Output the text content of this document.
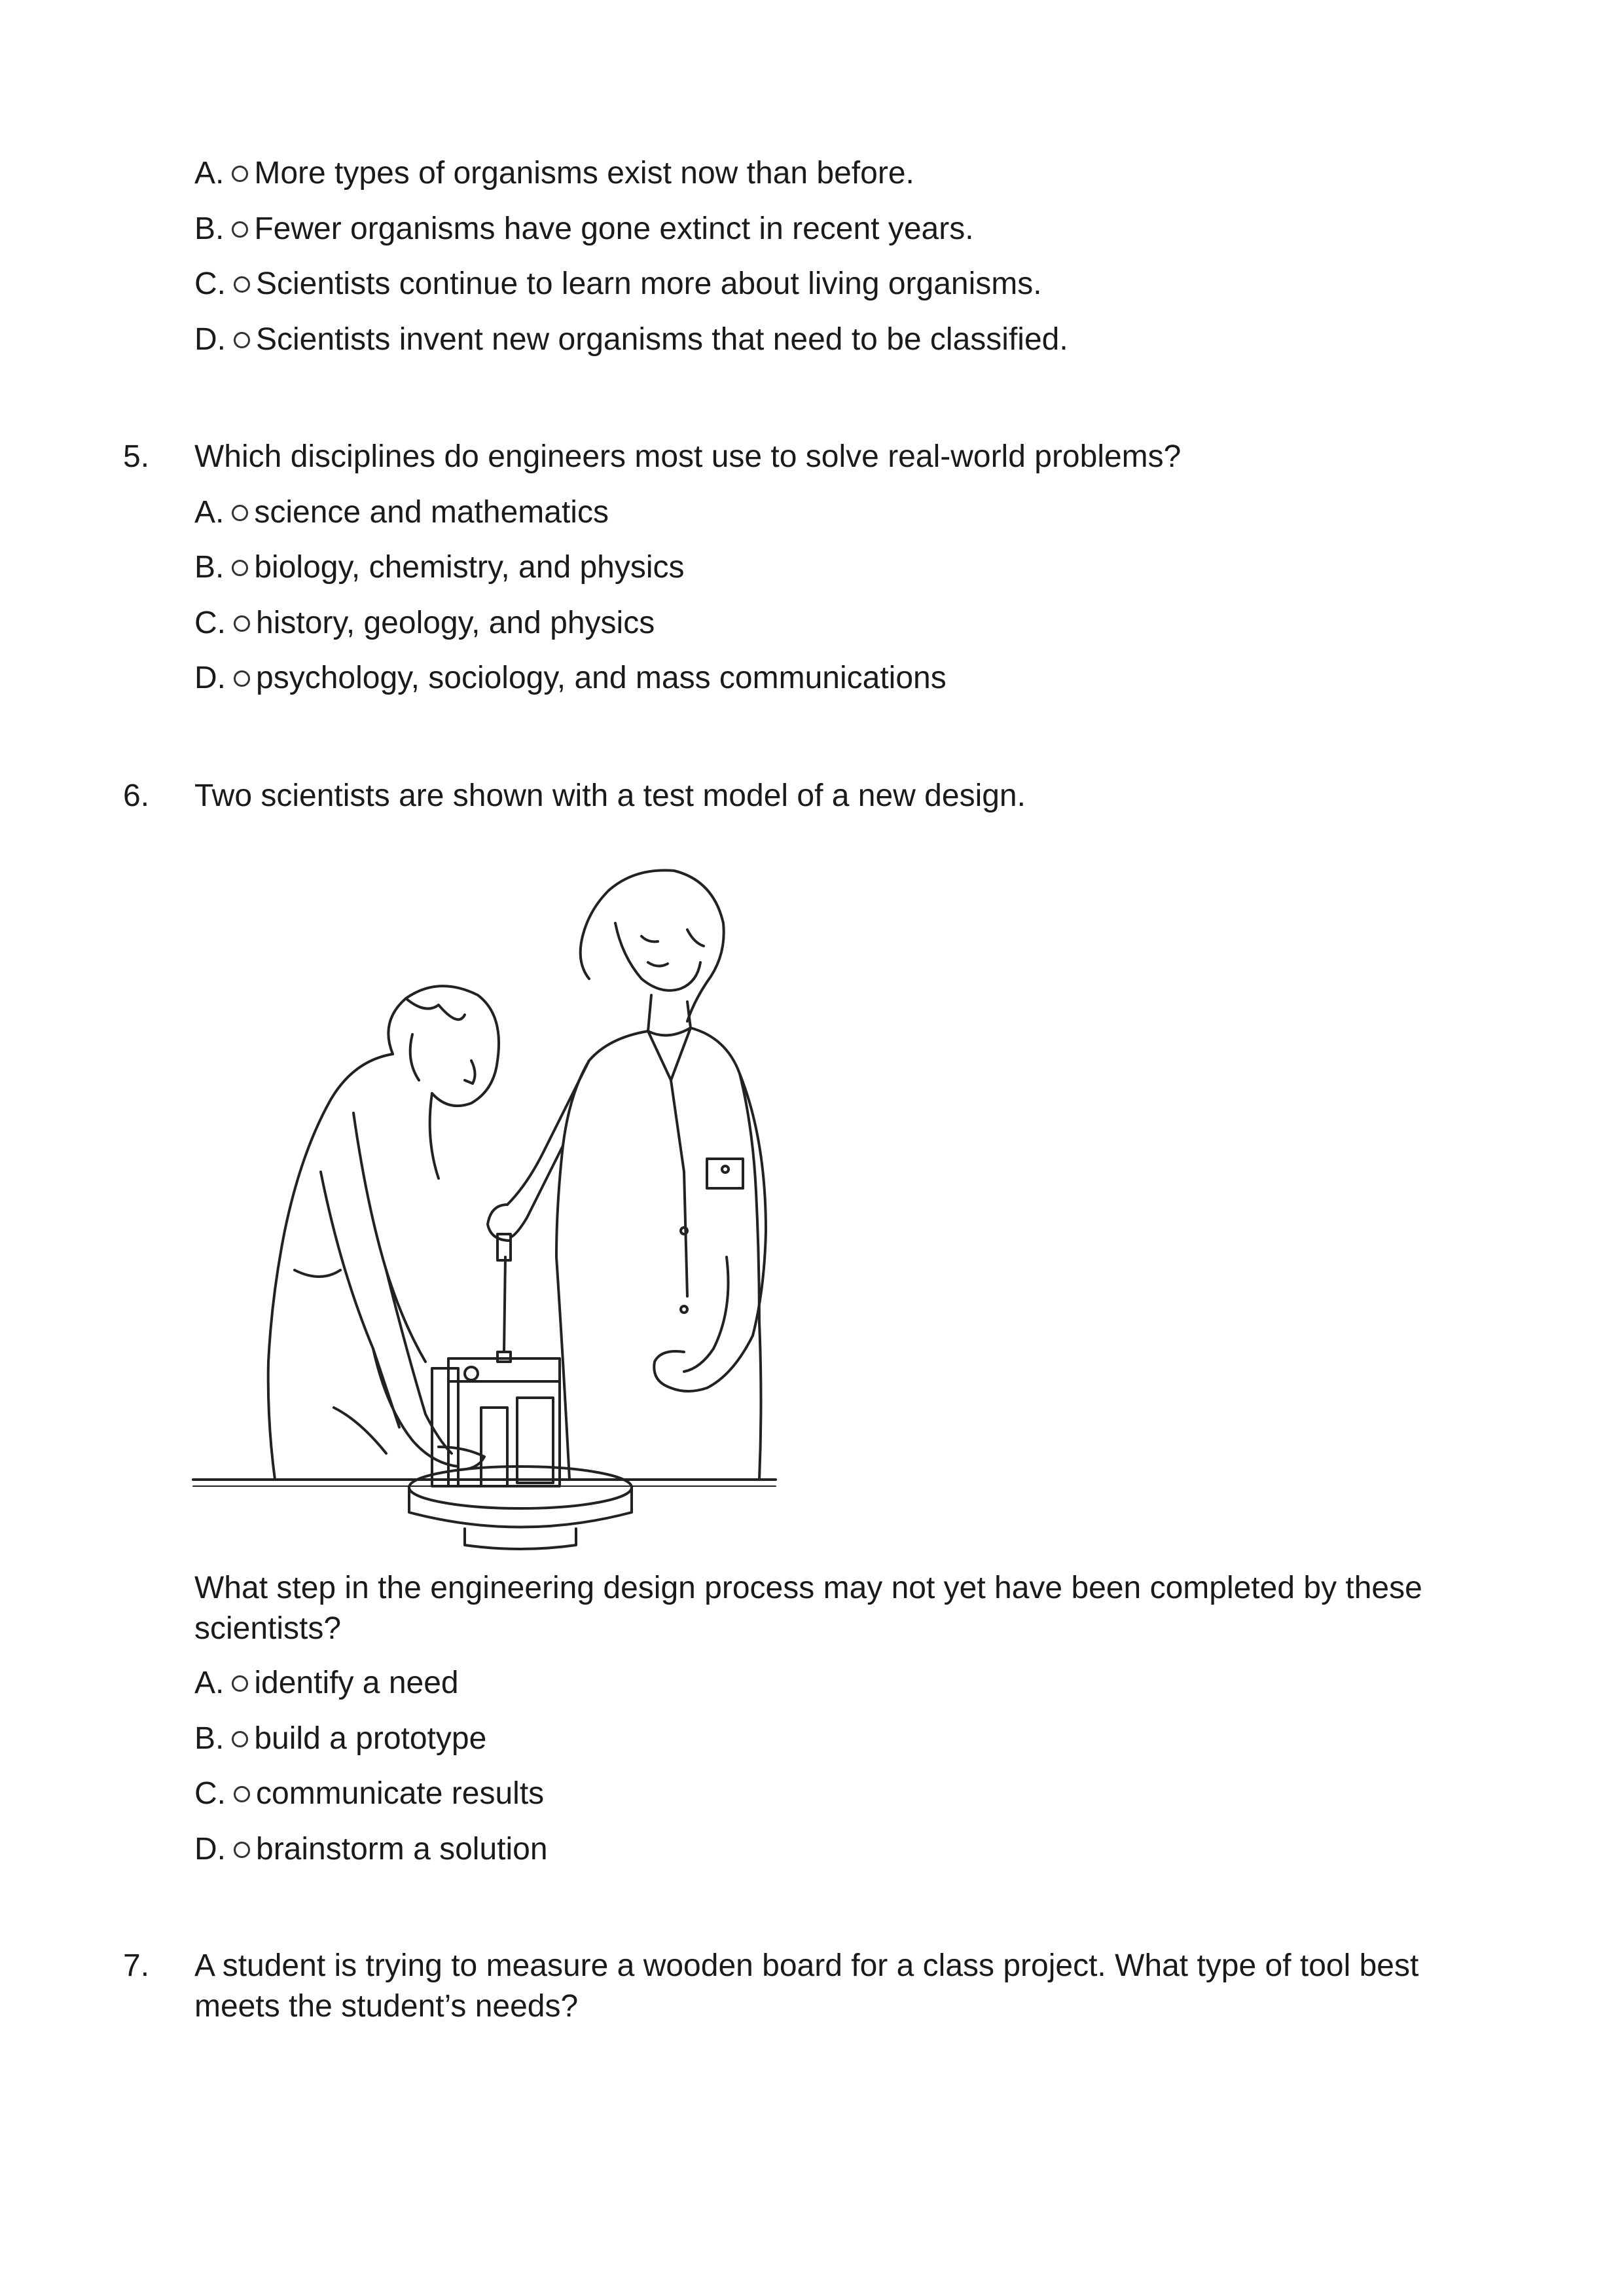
A. More types of organisms exist now than before.
B. Fewer organisms have gone extinct in recent years.
C. Scientists continue to learn more about living organisms.
D. Scientists invent new organisms that need to be classified.
5. Which disciplines do engineers most use to solve real-world problems?
A. science and mathematics
B. biology, chemistry, and physics
C. history, geology, and physics
D. psychology, sociology, and mass communications
6. Two scientists are shown with a test model of a new design.
What step in the engineering design process may not yet have been completed by these
scientists?
A. identify a need
B. build a prototype
C. communicate results
D. brainstorm a solution
7. A student is trying to measure a wooden board for a class project. What type of tool best
meets the student’s needs?
